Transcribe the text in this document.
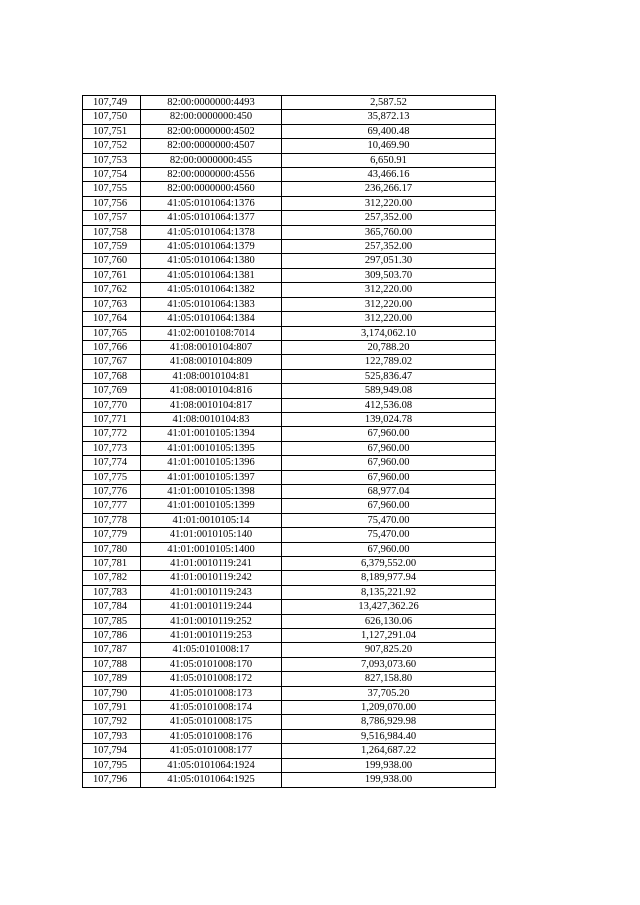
107,749	82:00:0000000:4493	2,587.52
107,750	82:00:0000000:450	35,872.13
107,751	82:00:0000000:4502	69,400.48
107,752	82:00:0000000:4507	10,469.90
107,753	82:00:0000000:455	6,650.91
107,754	82:00:0000000:4556	43,466.16
107,755	82:00:0000000:4560	236,266.17
107,756	41:05:0101064:1376	312,220.00
107,757	41:05:0101064:1377	257,352.00
107,758	41:05:0101064:1378	365,760.00
107,759	41:05:0101064:1379	257,352.00
107,760	41:05:0101064:1380	297,051.30
107,761	41:05:0101064:1381	309,503.70
107,762	41:05:0101064:1382	312,220.00
107,763	41:05:0101064:1383	312,220.00
107,764	41:05:0101064:1384	312,220.00
107,765	41:02:0010108:7014	3,174,062.10
107,766	41:08:0010104:807	20,788.20
107,767	41:08:0010104:809	122,789.02
107,768	41:08:0010104:81	525,836.47
107,769	41:08:0010104:816	589,949.08
107,770	41:08:0010104:817	412,536.08
107,771	41:08:0010104:83	139,024.78
107,772	41:01:0010105:1394	67,960.00
107,773	41:01:0010105:1395	67,960.00
107,774	41:01:0010105:1396	67,960.00
107,775	41:01:0010105:1397	67,960.00
107,776	41:01:0010105:1398	68,977.04
107,777	41:01:0010105:1399	67,960.00
107,778	41:01:0010105:14	75,470.00
107,779	41:01:0010105:140	75,470.00
107,780	41:01:0010105:1400	67,960.00
107,781	41:01:0010119:241	6,379,552.00
107,782	41:01:0010119:242	8,189,977.94
107,783	41:01:0010119:243	8,135,221.92
107,784	41:01:0010119:244	13,427,362.26
107,785	41:01:0010119:252	626,130.06
107,786	41:01:0010119:253	1,127,291.04
107,787	41:05:0101008:17	907,825.20
107,788	41:05:0101008:170	7,093,073.60
107,789	41:05:0101008:172	827,158.80
107,790	41:05:0101008:173	37,705.20
107,791	41:05:0101008:174	1,209,070.00
107,792	41:05:0101008:175	8,786,929.98
107,793	41:05:0101008:176	9,516,984.40
107,794	41:05:0101008:177	1,264,687.22
107,795	41:05:0101064:1924	199,938.00
107,796	41:05:0101064:1925	199,938.00
